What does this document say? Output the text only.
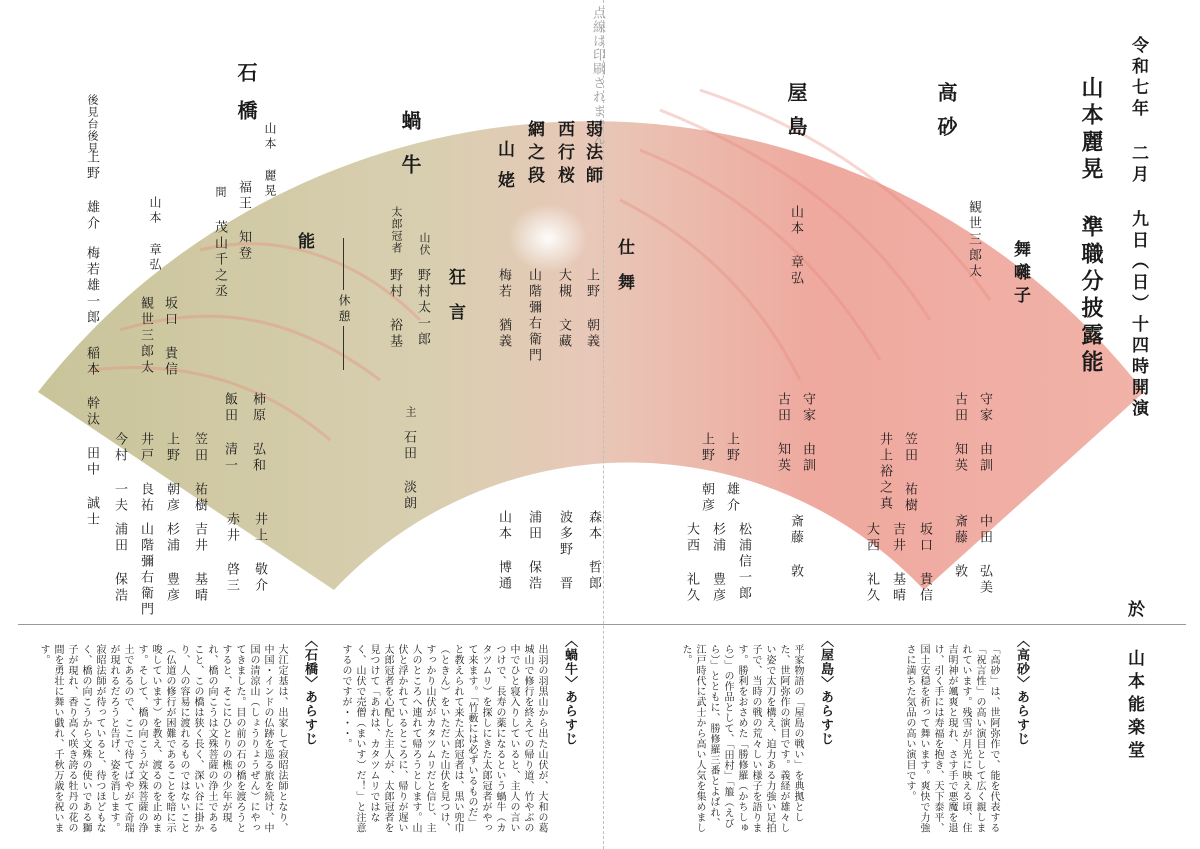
点線は印刷されません	令和七年 二月 九日（日）十四時開演
山本麗晃 準職分披露能
於 山本能楽堂
高砂
舞囃子
観世三郎太
守家 由訓
古田 知英
斎藤 敦 中田 弘美
笠田 祐樹
井上裕之真
吉井 基晴 坂口 貴信
大西 礼久
屋島
山本 章弘
守家 由訓
古田 知英
斎藤 敦
上野 雄介
上野 朝彦
杉浦 豊彦
大西 礼久	松浦信一郎
仕舞
弱法師
西行桜
網之段
山姥
上野 朝義
大槻 文藏
山階彌右衛門
梅若 猶義
森本 哲郎
波多野 晋
浦田 保浩
山本 博通
狂言
蝸牛
山伏
野村太一郎
太郎冠者
野村 裕基
主
石田 淡朗
休憩
能
石橋
山本 麗晃
山本 章弘	福王 知登
間
茂山千之丞
後見
観世三郎太 坂口 貴信
上野 雄介
台後見
柿原 弘和
飯田 清一
笠田 祐樹
井上 敬介
赤井 啓三
上野 朝彦
吉井 基晴
杉浦 豊彦
井戸 良祐
山階彌右衛門
今村 一夫
浦田 保浩
梅若雄一郎
稲本 幹汰
田中 誠士
〈高砂〉あらすじ
「高砂」は、世阿弥作で、能を代表する「祝言性」の高い演目として広く親しまれています。残雪が月光に映える頃、住吉明神が颯爽と現れ、さす手で悪魔を退け、引く手には寿福を抱き、天下泰平、国土安穏を祈って舞います。爽快で力強さに満ちた気品の高い演目です。
〈屋島〉あらすじ
平家物語の「屋島の戦い」を典拠とした、世阿弥作の演目です。義経が雄々しい姿で太刀を構え、迫力ある力強い足拍子で、当時の戦の荒々しい様子を語ります。勝利をおさめた「勝修羅（かちしゅら）」の作品として、「田村」「箙（えびら）」とともに、勝修羅三番とよばれ、江戸時代に武士から高い人気を集めました。
〈蝸牛〉あらすじ
出羽の羽黒山から出た山伏が、大和の葛城山で修行を終えての帰り道、竹やぶの中でひと寝入りしていると、主人の言いつけで、長寿の薬になるという蝸牛（カタツムリ）を探しにきた太郎冠者がやって来ます。「竹藪には必ずいるものだ」と教えられて来た太郎冠者は、黒い兜巾（ときん）をいただいた山伏を見つけ、すっかり山伏がカタツムリだと信じ、主人のところへ連れて帰ろうとします。山伏と浮かれているところに、帰りが遅い太郎冠者を心配した主人が、太郎冠者を見つけて「あれは、カタツムリではなく、山伏で売僧（まいす）だ！」と注意するのですが・・・。
〈石橋〉あらすじ
大江定基は、出家して寂昭法師となり、中国・インドの仏跡を巡る旅を続け、中国の清涼山（しょうりょうぜん）にやってきました。目の前の石の橋を渡ろうとすると、そこにひとりの樵の少年が現れ、橋の向こうは文殊菩薩の浄土であること、この橋は狭く長く、深い谷に掛かり、人の容易に渡れるものではないこと（仏道の修行が困難であることを暗に示唆しています）を教え、渡るのを止めます。そして、橋の向こうが文殊菩薩の浄土であるので、ここで待てばやがて奇瑞が現れるだろうと告げ、姿を消します。寂昭法師が待っていると、待つほどもなく、橋の向こうから文殊の使いである獅子が現れ、香り高く咲き誇る牡丹の花の間を勇壮に舞い戯れ、千秋万歳を祝います。
